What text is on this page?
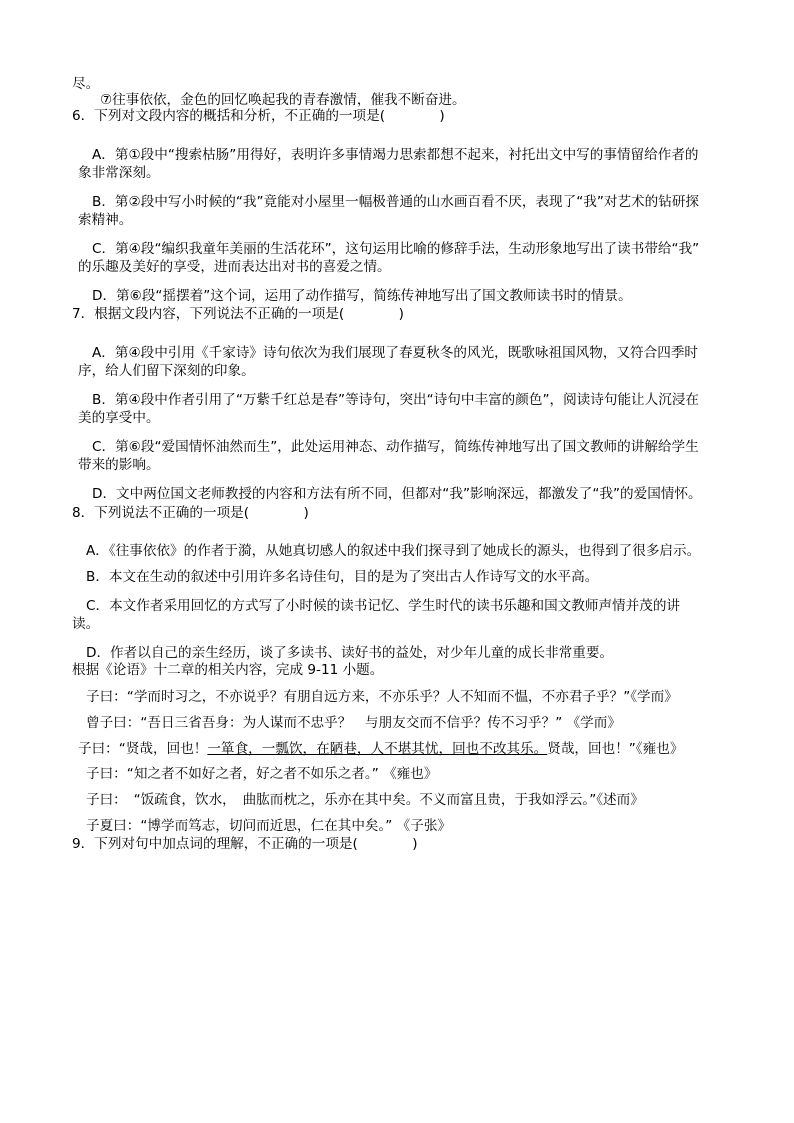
尽。
⑦往事依依，金色的回忆唤起我的青春激情，催我不断奋进。
6．下列对文段内容的概括和分析，不正确的一项是(　　　　)
A．第①段中“搜索枯肠”用得好，表明许多事情竭力思索都想不起来，衬托出文中写的事情留给作者的
象非常深刻。
B．第②段中写小时候的“我”竟能对小屋里一幅极普通的山水画百看不厌，表现了“我”对艺术的钻研探
索精神。
C．第④段“编织我童年美丽的生活花环”，这句运用比喻的修辞手法，生动形象地写出了读书带给“我”
的乐趣及美好的享受，进而表达出对书的喜爱之情。
D．第⑥段“摇摆着”这个词，运用了动作描写，简练传神地写出了国文教师读书时的情景。
7．根据文段内容，下列说法不正确的一项是(　　　　)
A．第④段中引用《千家诗》诗句依次为我们展现了春夏秋冬的风光，既歌咏祖国风物，又符合四季时
序，给人们留下深刻的印象。
B．第④段中作者引用了“万紫千红总是春”等诗句，突出“诗句中丰富的颜色”，阅读诗句能让人沉浸在
美的享受中。
C．第⑥段“爱国情怀油然而生”，此处运用神态、动作描写，简练传神地写出了国文教师的讲解给学生
带来的影响。
D．文中两位国文老师教授的内容和方法有所不同，但都对“我”影响深远，都激发了“我”的爱国情怀。
8．下列说法不正确的一项是(　　　　)
A．《往事依依》的作者于漪，从她真切感人的叙述中我们探寻到了她成长的源头，也得到了很多启示。
B．本文在生动的叙述中引用许多名诗佳句，目的是为了突出古人作诗写文的水平高。
C．本文作者采用回忆的方式写了小时候的读书记忆、学生时代的读书乐趣和国文教师声情并茂的讲
读。
D．作者以自己的亲生经历，谈了多读书、读好书的益处，对少年儿童的成长非常重要。
根据《论语》十二章的相关内容，完成 9-11 小题。
子曰：“学而时习之，不亦说乎？有朋自远方来，不亦乐乎？人不知而不愠，不亦君子乎？”《学而》
曾子曰：“吾日三省吾身：为人谋而不忠乎？　与朋友交而不信乎？传不习乎？” 《学而》
子曰：“贤哉，回也！一箪食，一瓢饮，在陋巷，人不堪其忧，回也不改其乐。贤哉，回也！”《雍也》
子曰：“知之者不如好之者，好之者不如乐之者。” 《雍也》
子曰：　“饭疏食，饮水，　曲肱而枕之，乐亦在其中矣。不义而富且贵，于我如浮云。”《述而》
子夏曰：“博学而笃志，切问而近思，仁在其中矣。” 《子张》
9．下列对句中加点词的理解，不正确的一项是(　　　　)
